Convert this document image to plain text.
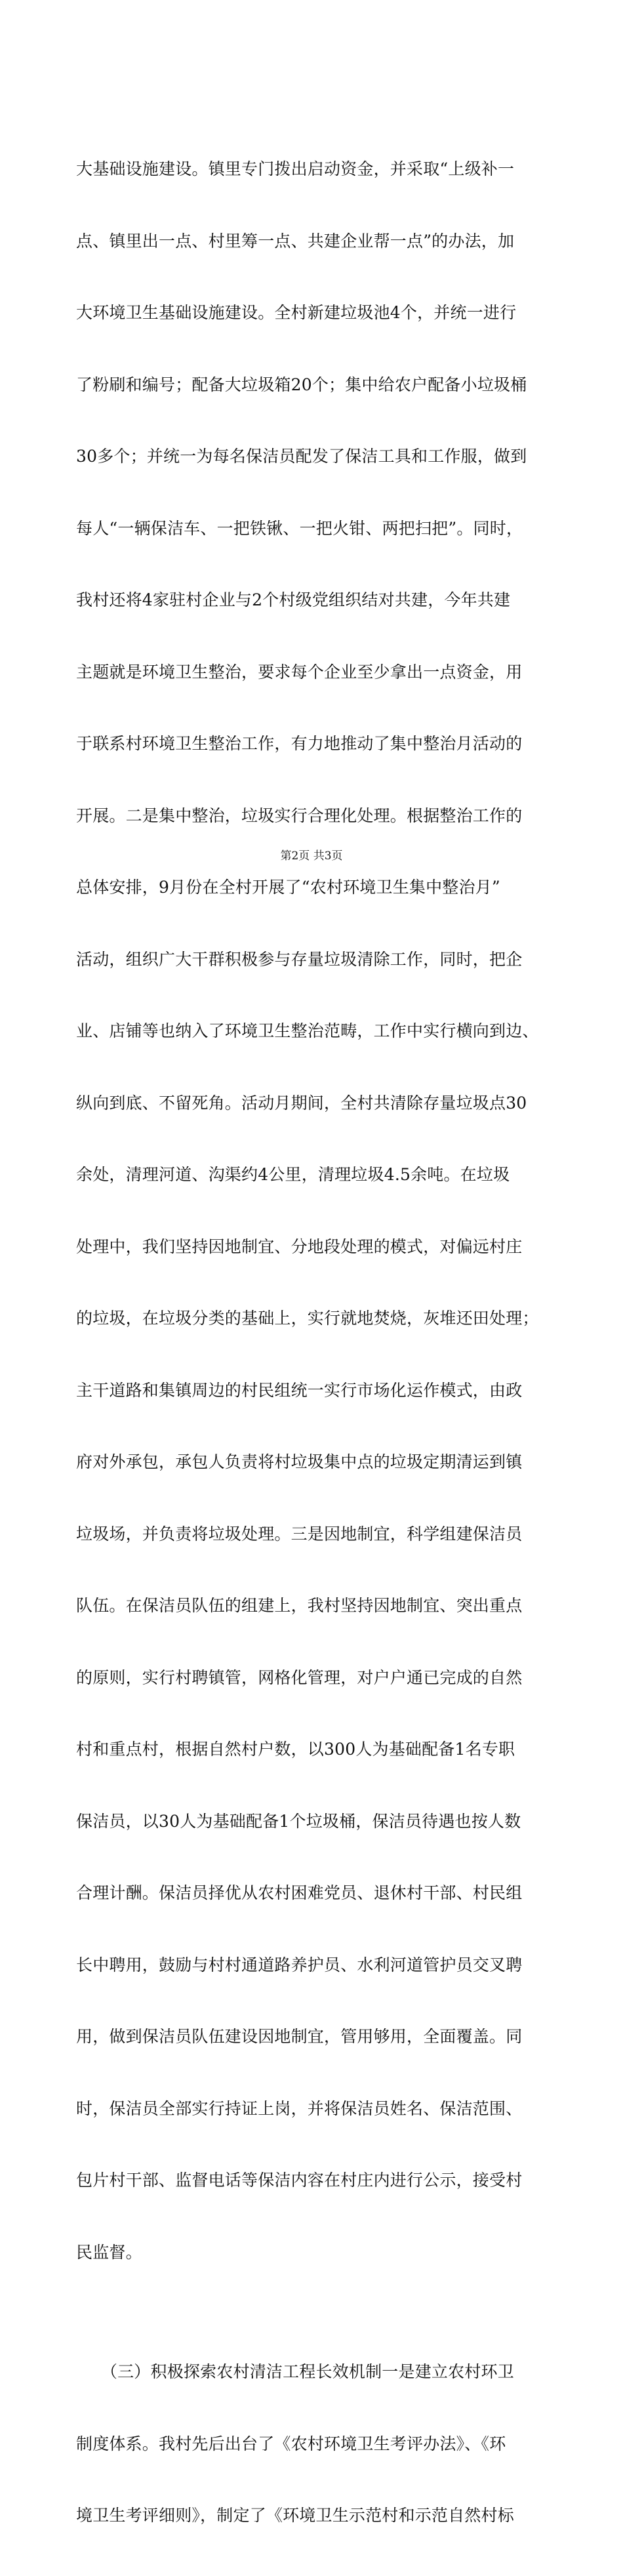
大基础设施建设。镇里专门拨出启动资金，并采取“上级补一

点、镇里出一点、村里筹一点、共建企业帮一点”的办法，加

大环境卫生基础设施建设。全村新建垃圾池4个，并统一进行

了粉刷和编号；配备大垃圾箱20个；集中给农户配备小垃圾桶

30多个；并统一为每名保洁员配发了保洁工具和工作服，做到

每人“一辆保洁车、一把铁锹、一把火钳、两把扫把”。同时，

我村还将4家驻村企业与2个村级党组织结对共建，今年共建

主题就是环境卫生整治，要求每个企业至少拿出一点资金，用

于联系村环境卫生整治工作，有力地推动了集中整治月活动的

开展。二是集中整治，垃圾实行合理化处理。根据整治工作的

总体安排，9月份在全村开展了“农村环境卫生集中整治月”

活动，组织广大干群积极参与存量垃圾清除工作，同时，把企

业、店铺等也纳入了环境卫生整治范畴，工作中实行横向到边、

纵向到底、不留死角。活动月期间，全村共清除存量垃圾点30

余处，清理河道、沟渠约4公里，清理垃圾4.5余吨。在垃圾

处理中，我们坚持因地制宜、分地段处理的模式，对偏远村庄

的垃圾，在垃圾分类的基础上，实行就地焚烧，灰堆还田处理；

主干道路和集镇周边的村民组统一实行市场化运作模式，由政

府对外承包，承包人负责将村垃圾集中点的垃圾定期清运到镇

垃圾场，并负责将垃圾处理。三是因地制宜，科学组建保洁员

队伍。在保洁员队伍的组建上，我村坚持因地制宜、突出重点

的原则，实行村聘镇管，网格化管理，对户户通已完成的自然

村和重点村，根据自然村户数，以300人为基础配备1名专职

保洁员，以30人为基础配备1个垃圾桶，保洁员待遇也按人数

合理计酬。保洁员择优从农村困难党员、退休村干部、村民组

长中聘用，鼓励与村村通道路养护员、水利河道管护员交叉聘

用，做到保洁员队伍建设因地制宜，管用够用，全面覆盖。同

时，保洁员全部实行持证上岗，并将保洁员姓名、保洁范围、

包片村干部、监督电话等保洁内容在村庄内进行公示，接受村

民监督。

　　（三）积极探索农村清洁工程长效机制一是建立农村环卫

制度体系。我村先后出台了《农村环境卫生考评办法》、《环

境卫生考评细则》，制定了《环境卫生示范村和示范自然村标

第2页 共3页
